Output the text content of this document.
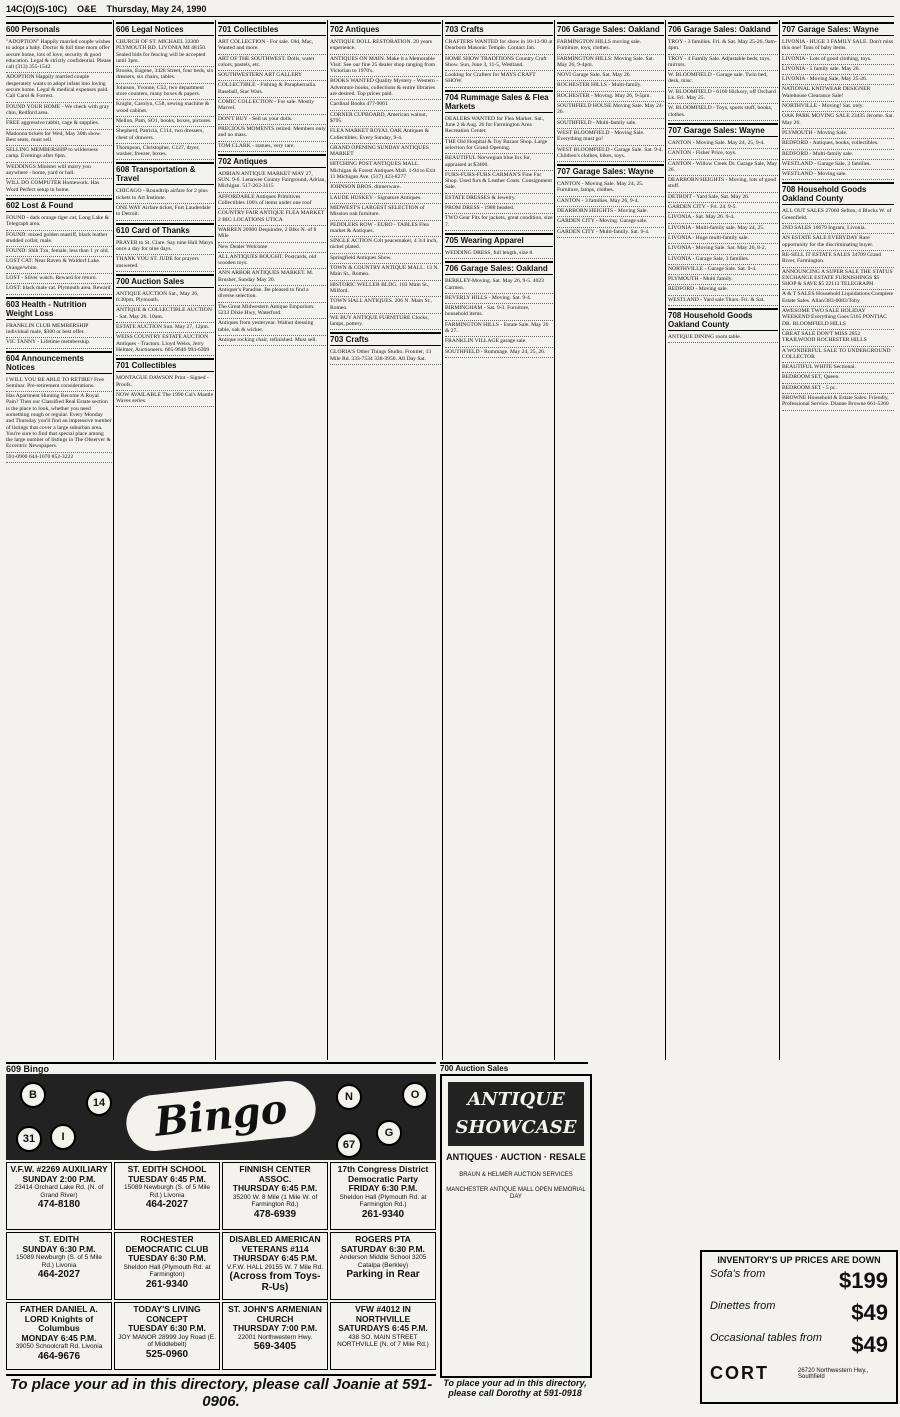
14C(O)(S-10C) O&E Thursday, May 24, 1990
600 Personals
"ADOPTION" Happily married couple wishes to adopt a baby. Doctor & full time mom offer secure home, lots of love, security & good education. Legal & strictly confidential. Please call (313) 355-1542.
ADOPTION Happily married couple desperately wants to adopt infant into loving secure home. Legal & medical expenses paid. Call Carol & Forrest.
FOUND YOUR HOME - We check with gray chin, Redford area.
FREE aggressive rabbit, cage & supplies.
Madonna tickets for Wed, May 30th show. Best seats, must sell.
SELLING MEMBERSHIP to wilderness camp. Evenings after 6pm.
WEDDINGS Minister will marry you anywhere - home, yard or hall.
WILL DO COMPUTER Homework. Has Word Perfect setup in home.
602 Lost & Found
FOUND - dark orange tiger cat, Long Lake & Telegraph area.
FOUND: mixed golden mastiff, black leather studded collar, male.
FOUND: Shih Tzu, female, less than 1 yr old.
LOST CAT: Near Raven & Waldorf Lake. Orange/white.
LOST - Silver watch. Reward for return.
LOST: black male cat. Plymouth area. Reward.
603 Health - Nutrition Weight Loss
FRANKLIN CLUB MEMBERSHIP individual male, $300 or best offer.
VIC TANNY - Lifetime membership.
604 Announcements Notices
I WILL YOU BE ABLE TO RETIRE? Free Seminar. Pre-retirement considerations.
Has Apartment Hunting Become A Royal Pain? Then our Classified Real Estate section is the place to look, whether you need something rough or regular. Every Monday and Thursday you'll find an impressive number of listings that cover a large suburban area. You're sure to find that special place among the large number of listings in The Observer & Eccentric Newspapers.
591-0900 644-1070 852-3222
606 Legal Notices
CHURCH OF ST. MICHAEL 33300 PLYMOUTH RD. LIVONIA MI 48150. Sealed bids for fencing will be accepted until 3pm.
Brooks, Eugene, 3428 Street, four beds, six dressers, six chairs, tables.
Johnson, Yvonne, C52, two department store counters, many boxes & papers.
Knight, Carolyn, C58, sewing machine & wood cabinet.
Mellon, Pam, SO1, books, boxes, pictures.
Shepherd, Patricia, C114, two dressers, chest of drawers.
Thompson, Christopher, C127, dryer, washer, freezer, boxes.
608 Transportation & Travel
CHICAGO - Roundtrip airfare for 2 plus tickets to Art Institute.
ONE WAY Airfare ticket, Fort Lauderdale to Detroit.
610 Card of Thanks
PRAYER to St. Clare. Say nine Hail Marys once a day for nine days.
THANK YOU ST. JUDE for prayers answered.
700 Auction Sales
ANTIQUE AUCTION Sat., May 26, 6:30pm, Plymouth.
ANTIQUE & COLLECTIBLE AUCTION - Sat. May 26. 10am.
ESTATE AUCTION Sun. May 27, 12pm.
WEISS COUNTRY ESTATE AUCTION Antiques - Tractors. Lloyd Weiss, Jerry Helmer, Auctioneers. 665-9646 994-6309
701 Collectibles
MONTAGUE DAWSON Print - Signed - Proofs.
NOW AVAILABLE The 1990 Cal's Mantle Waves series.
701 Collectibles
ART COLLECTION - For sale. Old, Mac, Wanted and more.
ART OF THE SOUTHWEST. Dolls, water colors, pastels, etc.
SOUTHWESTERN ART GALLERY
COLLECTIBLE - Fishing & Paraphernalia. Baseball, Star Wars.
COMIC COLLECTION - For sale. Mostly Marvel.
DON'T BUY - Sell us your dolls.
PRECIOUS MOMENTS retired. Members only and no mass.
TOM CLARK - statues, very rare.
702 Antiques
ADRIAN ANTIQUE MARKET MAY 27, SUN. 9-6. Lenawee County Fairground, Adrian, Michigan. 517-263-3115
AFFORDABLE Antiques Primitives Collectibles 100's of items under one roof
COUNTRY FAIR ANTIQUE FLEA MARKET 2 BIG LOCATIONS UTICA
WARREN 20900 Dequindre, 2 Blks N. of 8 Mile
New Dealer Welcome
ALL ANTIQUES BOUGHT. Postcards, old wooden toys.
ANN ARBOR ANTIQUES MARKET. M. Brusher, Sunday May 20.
Antiquer's Paradise. Be pleased to find a diverse selection.
The Great Midwestern Antique Emporium. 5233 Dixie Hwy, Waterford.
Antiques from yesteryear. Walnut dressing table, oak & wicker.
Antique rocking chair, refinished. Must sell.
702 Antiques
ANTIQUE DOLL RESTORATION. 20 years experience.
ANTIQUES ON MAIN. Make it a Memorable Visit. See our fine 25 dealer shop ranging from Victorian to 1970's.
BOOKS WANTED Quality Mystery - Western - Adventure books, collections & entire libraries are desired. Top prices paid.
Cardinal Books 477-9061
CORNER CUPBOARD, American walnut, $795.
FLEA MARKET ROYAL OAK Antiques & Collectibles. Every Sunday, 9-4.
GRAND OPENING SUNDAY ANTIQUES MARKET
HITCHING POST ANTIQUES MALL. Michigan & Forest Antiques Mall. 1-94 to Exit 11 Michigan Ave. (517) 423-8277
JOHNSON BROS. dinnerware.
LAUDE HUSKEY - Signature Antiques.
MIDWEST'S LARGEST SELECTION of Mission oak furniture.
PEDDLERS ROW - EURO - TABLES Flea market & Antiques.
SINGLE ACTION Colt peacemaker, 4 3/4 inch, nickel plated.
Springfield Antiques Show.
TOWN & COUNTRY ANTIQUE MALL. 13 N. Main St., Romeo.
HISTORIC WELLER BLDG. 103 Main St., Milford.
TOWN HALL ANTIQUES. 206 N. Main St., Romeo.
WE BUY ANTIQUE FURNITURE Clocks, lamps, pottery.
703 Crafts
GLORIA'S Other Things Studio. Frontier, 13 Mile Rd. 333-7534 338-3950. All Day Sat.
703 Crafts
CRAFTERS WANTED for show in 10-13-90 at Dearborn Masonic Temple. Contact Jan.
HOME SHOW TRADITIONS Country Craft Show. Sun, June 3, 11-5, Westland.
Looking for Crafters for MAYS CRAFT SHOW.
704 Rummage Sales & Flea Markets
DEALERS WANTED for Flea Market. Sat., June 2 & Aug. 26 for Farmington Area Recreation Center.
THE Old Hospital & Toy Bazaar Shop. Large selection for Grand Opening.
BEAUTIFUL Norwegian blue fox fur, appraised at $3400.
FURS-FURS-FURS CARMAN'S Fine Fur Shop. Used furs & Leather Coats. Consignment Sale.
ESTATE DRESSES & Jewelry.
PROM DRESS - 1988 beaded.
TWO Gear Fits for jackets, great condition, size 7.
705 Wearing Apparel
WEDDING DRESS, full length, size 8.
706 Garage Sales: Oakland
BERKLEY-Moving. Sat. May 26, 9-5. 4023 Carmen.
BEVERLY HILLS - Moving. Sat. 9-4.
BIRMINGHAM - Sat. 9-3. Furniture, household items.
FARMINGTON HILLS - Estate Sale. May 26 & 27.
FRANKLIN VILLAGE garage sale.
SOUTHFIELD - Rummage. May 24, 25, 26.
706 Garage Sales: Oakland
FARMINGTON HILLS moving sale. Furniture, toys, clothes.
FARMINGTON HILLS: Moving Sale. Sat. May 26, 9-4pm.
NOVI Garage Sale. Sat. May 26.
ROCHESTER HILLS - Multi-family.
ROCHESTER - Moving. May 26, 9-5pm.
SOUTHFIELD HOUSE Moving Sale. May 24-26.
SOUTHFIELD - Multi-family sale.
WEST BLOOMFIELD - Moving Sale. Everything must go!
WEST BLOOMFIELD - Garage Sale. Sat. 9-4. Children's clothes, bikes, toys.
707 Garage Sales: Wayne
CANTON - Moving Sale. May 24, 25. Furniture, lamps, clothes.
CANTON - 3 families. May 26, 9-4.
DEARBORN HEIGHTS - Moving Sale.
GARDEN CITY - Moving. Garage sale.
GARDEN CITY - Multi-family. Sat. 9-4.
706 Garage Sales: Oakland
TROY - 3 families. Fri. & Sat. May 25-26, 9am-4pm.
TROY - 4 Family Sale. Adjustable beds, toys, mirrors.
W. BLOOMFIELD - Garage sale. Twin bed, desk, misc.
W. BLOOMFIELD - 6160 Hickory, off Orchard Lk. Fri. May 25.
W. BLOOMFIELD - Toys, sports stuff, books, clothes.
707 Garage Sales: Wayne
CANTON - Moving Sale. May 24, 25, 9-4.
CANTON - Fisher Price, toys.
CANTON - Willow Creek Dr. Garage Sale, May 26.
DEARBORN HEIGHTS - Moving, lots of good stuff.
DETROIT - Yard Sale, Sat. May 26.
GARDEN CITY - Fri. 24. 9-5.
LIVONIA - Sat. May 26. 9-4.
LIVONIA - Multi-family sale. May 24, 25.
LIVONIA - Huge multi-family sale.
LIVONIA - Moving Sale. Sat. May 26, 8-2.
LIVONIA - Garage Sale, 3 families.
NORTHVILLE - Garage Sale. Sat. 9-4.
PLYMOUTH - Multi family.
REDFORD - Moving sale.
WESTLAND - Yard sale Thurs. Fri. & Sat.
708 Household Goods Oakland County
ANTIQUE DINING room table.
707 Garage Sales: Wayne
LIVONIA - HUGE 3 FAMILY SALE. Don't miss this one! Tons of baby items.
LIVONIA - Lots of good clothing, toys.
LIVONIA - 5 family sale. May 26.
LIVONIA - Moving Sale, May 25-26.
NATIONAL KNITWEAR DESIGNER Warehouse Clearance Sale!
NORTHVILLE - Moving! Sat. only.
OAK PARK MOVING SALE 23435 Jerome. Sat. May 26.
PLYMOUTH - Moving Sale.
REDFORD - Antiques, books, collectibles.
REDFORD - Multi-family sale.
WESTLAND - Garage Sale, 3 families.
WESTLAND - Moving sale.
708 Household Goods Oakland County
ALL OUT SALES 27060 Sefton, 4 Blocks W. of Greenfield.
2ND SALES 16679 Ingram, Livonia.
AN ESTATE SALE EVERYDAY Rare opportunity for the discriminating buyer.
RE-SELL IT ESTATE SALES 34709 Grand River, Farmington.
ANNOUNCING A SUPER SALE THE STATUS EXCHANGE ESTATE FURNISHINGS $5 SHOP & SAVE $5 22113 TELEGRAPH
A & T SALES Household Liquidations Complete Estate Sales. Allan/383-0083/Toby
AWESOME TWO SALE HOLIDAY WEEKEND Everything Goes 5165 PONTIAC DR. BLOOMFIELD HILLS
GREAT SALE DON'T MISS 2852 TRAILWOOD ROCHESTER HILLS
A WONDERFUL SALE TO UNDERGROUND COLLECTOR
BEAUTIFUL WHITE Sectional.
BEDROOM SET, Queen.
BEDROOM SET - 5 pc.
BROWNE Household & Estate Sales. Friendly, Professional Service. Dianne Browne 661-5260
609 Bingo
B
I
N
G
O
14
31	67
Bingo
V.F.W. #2269 AUXILIARY
SUNDAY 2:00 P.M.
23414 Orchard Lake Rd. (N. of Grand River)
474-8180
ST. EDITH SCHOOL
TUESDAY 6:45 P.M.
15089 Newburgh (S. of 5 Mile Rd.) Livonia
464-2027
FINNISH CENTER ASSOC.
THURSDAY 6:45 P.M.
35200 W. 8 Mile (1 Mile W. of Farmington Rd.)
478-6939
17th Congress District Democratic Party
FRIDAY 6:30 P.M.
Sheldon Hall (Plymouth Rd. at Farmington Rd.)
261-9340
ST. EDITH
SUNDAY 6:30 P.M.
15089 Newburgh (S. of 5 Mile Rd.) Livonia
464-2027
ROCHESTER DEMOCRATIC CLUB
TUESDAY 6:30 P.M.
Sheldon Hall (Plymouth Rd. at Farmington)
261-9340
DISABLED AMERICAN VETERANS #114
THURSDAY 6:45 P.M.
V.F.W. HALL 29155 W. 7 Mile Rd.
(Across from Toys-R-Us)
ROGERS PTA
SATURDAY 6:30 P.M.
Anderson Middle School 3205 Catalpa (Berkley)
Parking in Rear
FATHER DANIEL A. LORD Knights of Columbus
MONDAY 6:45 P.M.
39050 Schoolcraft Rd. Livonia
464-9676
TODAY'S LIVING CONCEPT
TUESDAY 6:30 P.M.
JOY MANOR 28999 Joy Road (E. of Middlebelt)
525-0960
ST. JOHN'S ARMENIAN CHURCH
THURSDAY 7:00 P.M.
22001 Northwestern Hwy.
569-3405
VFW #4012 IN NORTHVILLE
SATURDAYS 6:45 P.M.
438 SO. MAIN STREET NORTHVILLE (N. of 7 Mile Rd.)
To place your ad in this directory, please call Joanie at 591-0906.
700 Auction Sales
ANTIQUE SHOWCASE
ANTIQUES · AUCTION · RESALE
BRAUN & HELMER AUCTION SERVICES
MANCHESTER ANTIQUE MALL OPEN MEMORIAL DAY
To place your ad in this directory, please call Dorothy at 591-0918
INVENTORY'S UP PRICES ARE DOWN
Sofa's from	$199
Dinettes from	$49
Occasional tables from $49
CORT	26720 Northwestern Hwy., Southfield
